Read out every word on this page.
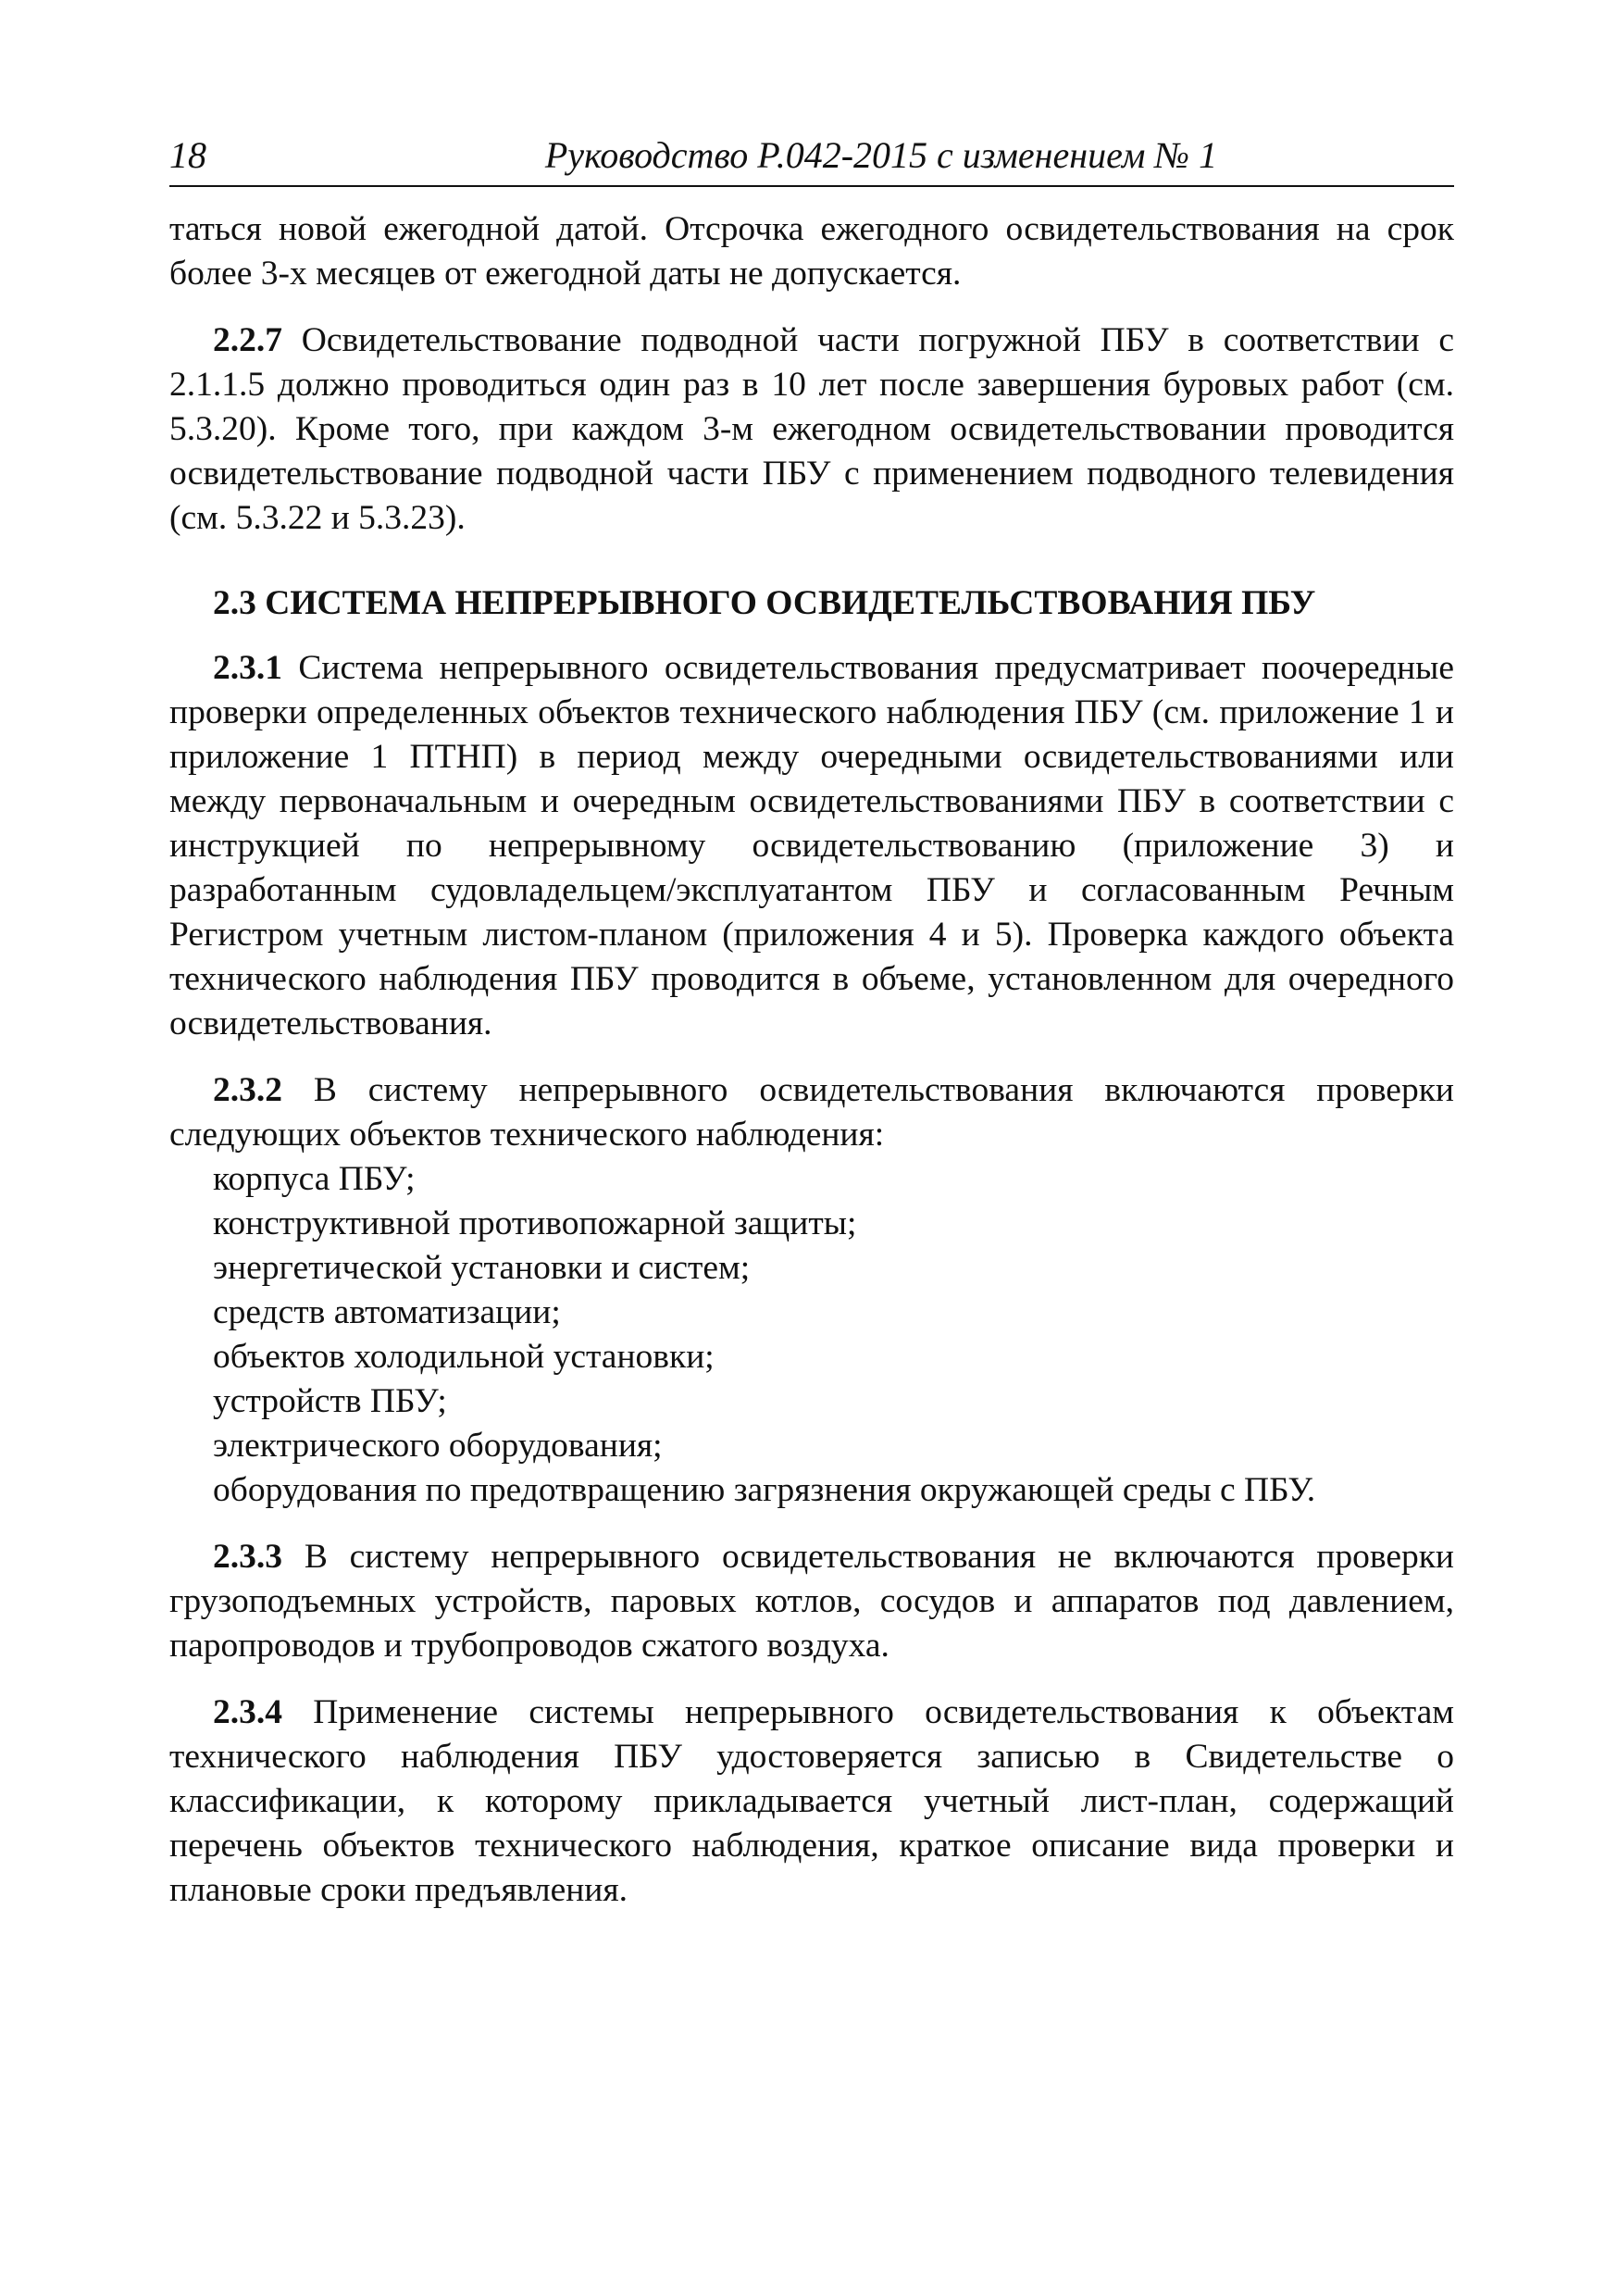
18	Руководство Р.042-2015 с изменением № 1

таться новой ежегодной датой. Отсрочка ежегодного освидетельствования на срок более 3-х месяцев от ежегодной даты не допускается.

2.2.7 Освидетельствование подводной части погружной ПБУ в соответствии с 2.1.1.5 должно проводиться один раз в 10 лет после завершения буровых работ (см. 5.3.20). Кроме того, при каждом 3-м ежегодном освидетельствовании проводится освидетельствование подводной части ПБУ с применением подводного телевидения (см. 5.3.22 и 5.3.23).

2.3 СИСТЕМА НЕПРЕРЫВНОГО ОСВИДЕТЕЛЬСТВОВАНИЯ ПБУ

2.3.1 Система непрерывного освидетельствования предусматривает поочередные проверки определенных объектов технического наблюдения ПБУ (см. приложение 1 и приложение 1 ПТНП) в период между очередными освидетельствованиями или между первоначальным и очередным освидетельствованиями ПБУ в соответствии с инструкцией по непрерывному освидетельствованию (приложение 3) и разработанным судовладельцем/эксплуатантом ПБУ и согласованным Речным Регистром учетным листом-планом (приложения 4 и 5). Проверка каждого объекта технического наблюдения ПБУ проводится в объеме, установленном для очередного освидетельствования.

2.3.2 В систему непрерывного освидетельствования включаются проверки следующих объектов технического наблюдения:

корпуса ПБУ;
конструктивной противопожарной защиты;
энергетической установки и систем;
средств автоматизации;
объектов холодильной установки;
устройств ПБУ;
электрического оборудования;
оборудования по предотвращению загрязнения окружающей среды с ПБУ.

2.3.3 В систему непрерывного освидетельствования не включаются проверки грузоподъемных устройств, паровых котлов, сосудов и аппаратов под давлением, паропроводов и трубопроводов сжатого воздуха.

2.3.4 Применение системы непрерывного освидетельствования к объектам технического наблюдения ПБУ удостоверяется записью в Свидетельстве о классификации, к которому прикладывается учетный лист-план, содержащий перечень объектов технического наблюдения, краткое описание вида проверки и плановые сроки предъявления.
